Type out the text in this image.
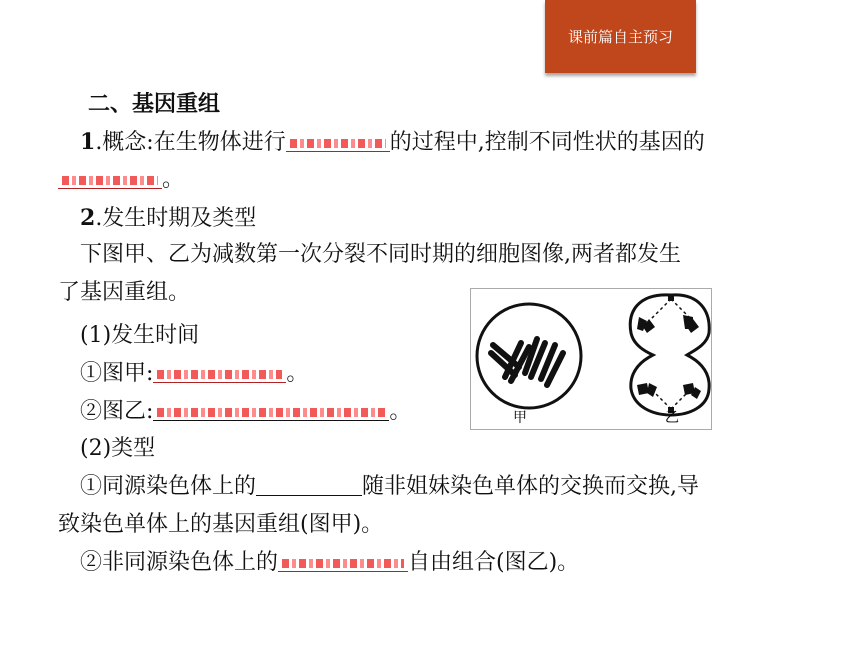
课前篇自主预习
二、基因重组
1.概念:在生物体进行	的过程中,控制不同性状的基因的
。
2.发生时期及类型
下图甲、乙为减数第一次分裂不同时期的细胞图像,两者都发生
了基因重组。
(1)发生时间
①图甲:	。
②图乙:	。
(2)类型
①同源染色体上的	随非姐妹染色单体的交换而交换,导
致染色单体上的基因重组(图甲)。
②非同源染色体上的	自由组合(图乙)。
甲	乙
